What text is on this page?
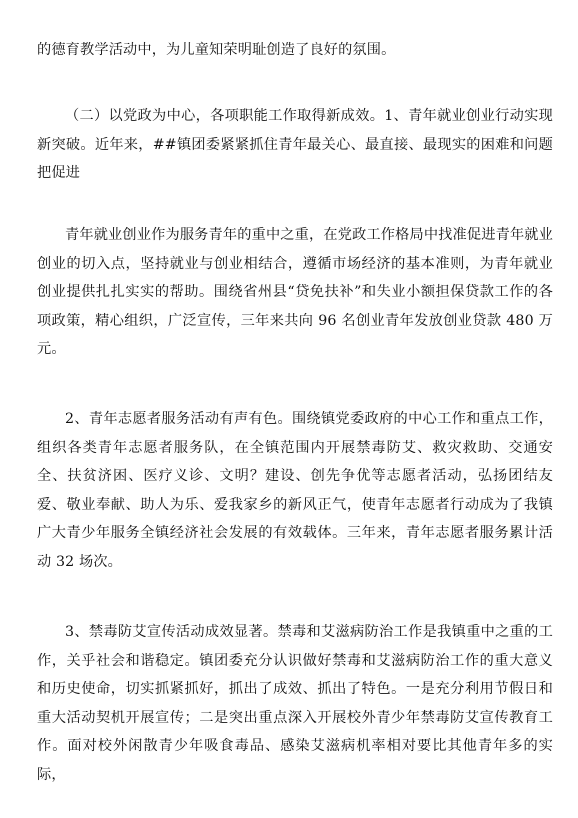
的德育教学活动中，为儿童知荣明耻创造了良好的氛围。

（二）以党政为中心，各项职能工作取得新成效。1、青年就业创业行动实现新突破。近年来，##镇团委紧紧抓住青年最关心、最直接、最现实的困难和问题把促进

青年就业创业作为服务青年的重中之重，在党政工作格局中找准促进青年就业创业的切入点，坚持就业与创业相结合，遵循市场经济的基本准则，为青年就业创业提供扎扎实实的帮助。围绕省州县“贷免扶补”和失业小额担保贷款工作的各项政策，精心组织，广泛宣传，三年来共向 96 名创业青年发放创业贷款 480 万元。

2、青年志愿者服务活动有声有色。围绕镇党委政府的中心工作和重点工作，组织各类青年志愿者服务队，在全镇范围内开展禁毒防艾、救灾救助、交通安全、扶贫济困、医疗义诊、文明？建设、创先争优等志愿者活动，弘扬团结友爱、敬业奉献、助人为乐、爱我家乡的新风正气，使青年志愿者行动成为了我镇广大青少年服务全镇经济社会发展的有效载体。三年来，青年志愿者服务累计活动 32 场次。

3、禁毒防艾宣传活动成效显著。禁毒和艾滋病防治工作是我镇重中之重的工作，关乎社会和谐稳定。镇团委充分认识做好禁毒和艾滋病防治工作的重大意义和历史使命，切实抓紧抓好，抓出了成效、抓出了特色。一是充分利用节假日和重大活动契机开展宣传；二是突出重点深入开展校外青少年禁毒防艾宣传教育工作。面对校外闲散青少年吸食毒品、感染艾滋病机率相对要比其他青年多的实际，
